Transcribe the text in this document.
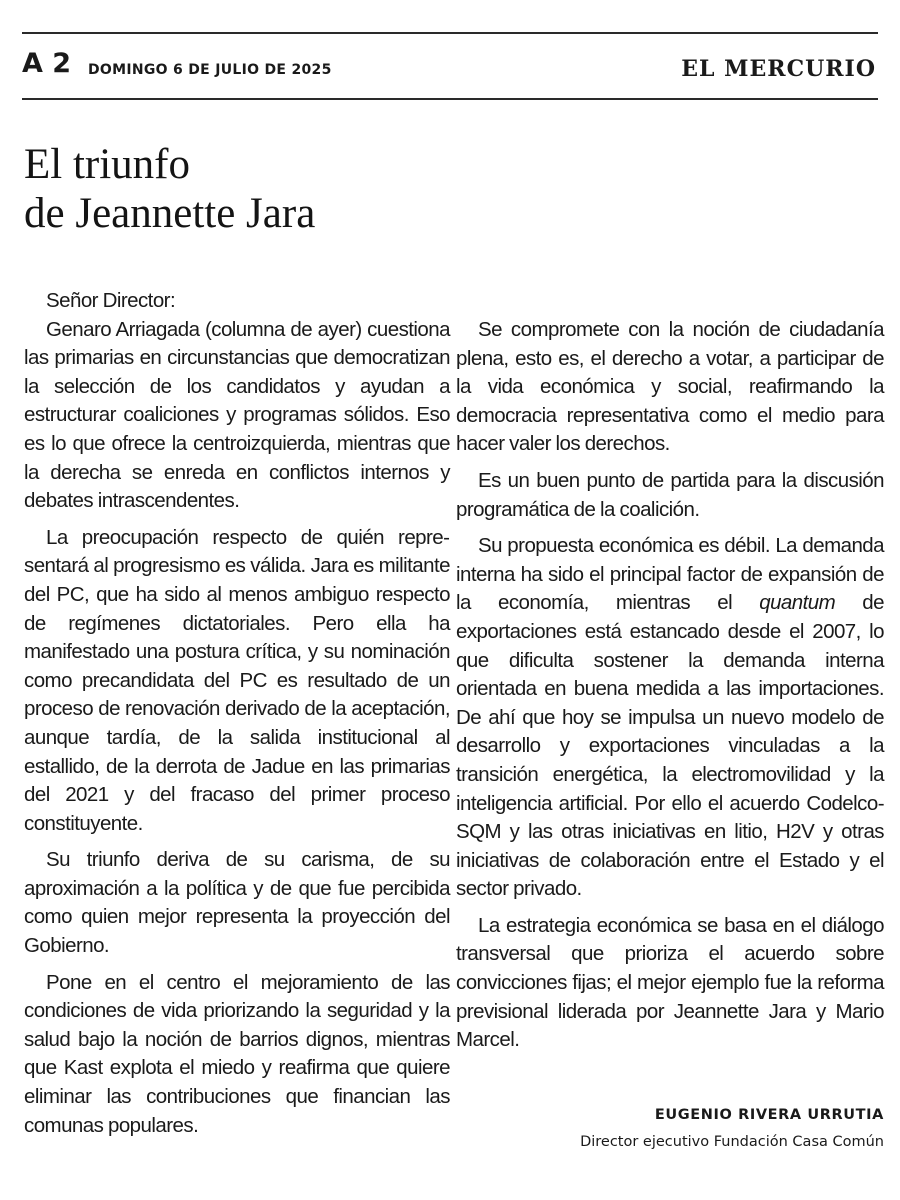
A 2 DOMINGO 6 DE JULIO DE 2025	EL MERCURIO
El triunfo
de Jeannette Jara

Señor Director:

Genaro Arriagada (columna de ayer) cuestiona las primarias en circunstancias que democratizan la selección de los candidatos y ayudan a estructurar coaliciones y programas sólidos. Eso es lo que ofrece la centroizquierda, mientras que la derecha se enreda en conflictos internos y debates intrascendentes.

La preocupación respecto de quién representará al progresismo es válida. Jara es militante del PC, que ha sido al menos ambiguo respecto de regímenes dictatoriales. Pero ella ha manifestado una postura crítica, y su nominación como precandidata del PC es resultado de un proceso de renovación derivado de la aceptación, aunque tardía, de la salida institucional al estallido, de la derrota de Jadue en las primarias del 2021 y del fracaso del primer proceso constituyente.

Su triunfo deriva de su carisma, de su aproximación a la política y de que fue percibida como quien mejor representa la proyección del Gobierno.

Pone en el centro el mejoramiento de las condiciones de vida priorizando la seguridad y la salud bajo la noción de barrios dignos, mientras que Kast explota el miedo y reafirma que quiere eliminar las contribuciones que financian las comunas populares.

Se compromete con la noción de ciudadanía plena, esto es, el derecho a votar, a participar de la vida económica y social, reafirmando la democracia representativa como el medio para hacer valer los derechos.

Es un buen punto de partida para la discusión programática de la coalición.

Su propuesta económica es débil. La demanda interna ha sido el principal factor de expansión de la economía, mientras el quantum de exportaciones está estancado desde el 2007, lo que dificulta sostener la demanda interna orientada en buena medida a las importaciones. De ahí que hoy se impulsa un nuevo modelo de desarrollo y exportaciones vinculadas a la transición energética, la electromovilidad y la inteligencia artificial. Por ello el acuerdo Codelco-SQM y las otras iniciativas en litio, H2V y otras iniciativas de colaboración entre el Estado y el sector privado.

La estrategia económica se basa en el diálogo transversal que prioriza el acuerdo sobre convicciones fijas; el mejor ejemplo fue la reforma previsional liderada por Jeannette Jara y Mario Marcel.

EUGENIO RIVERA URRUTIA
Director ejecutivo Fundación Casa Común
